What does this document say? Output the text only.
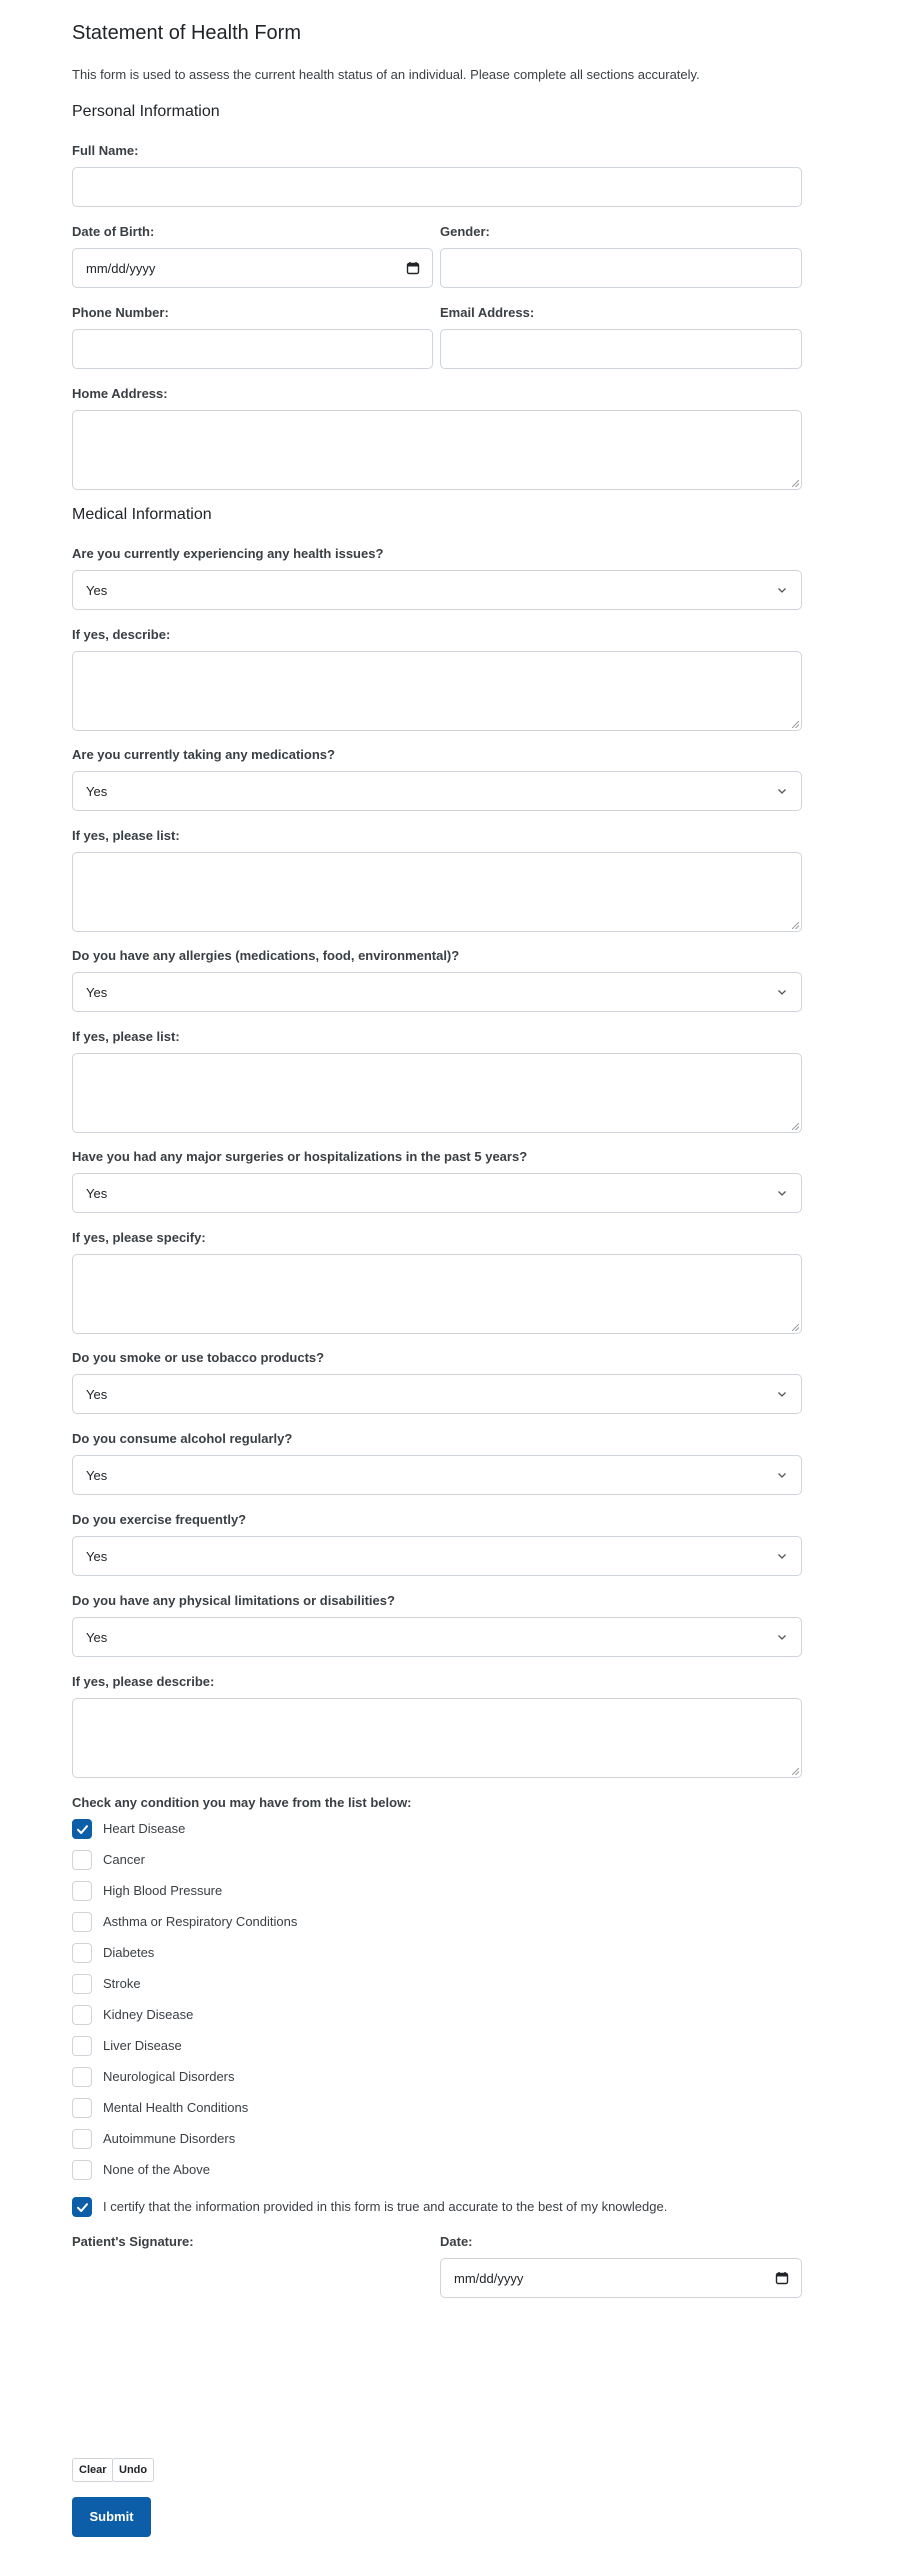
Statement of Health Form

This form is used to assess the current health status of an individual. Please complete all sections accurately.

Personal Information
Full Name:
Date of Birth:
mm/dd/yyyy
Gender:
Phone Number:	Email Address:
Home Address:
Medical Information
Are you currently experiencing any health issues?
Yes
If yes, describe:
Are you currently taking any medications?
Yes
If yes, please list:
Do you have any allergies (medications, food, environmental)?
Yes
If yes, please list:
Have you had any major surgeries or hospitalizations in the past 5 years?
Yes
If yes, please specify:
Do you smoke or use tobacco products?
Yes
Do you consume alcohol regularly?
Yes
Do you exercise frequently?
Yes
Do you have any physical limitations or disabilities?
Yes
If yes, please describe:
Check any condition you may have from the list below:
Heart Disease
Cancer
High Blood Pressure
Asthma or Respiratory Conditions
Diabetes
Stroke
Kidney Disease
Liver Disease
Neurological Disorders
Mental Health Conditions
Autoimmune Disorders
None of the Above
I certify that the information provided in this form is true and accurate to the best of my knowledge.
Patient's Signature:	Date:
mm/dd/yyyy
Clear	Undo
Submit
